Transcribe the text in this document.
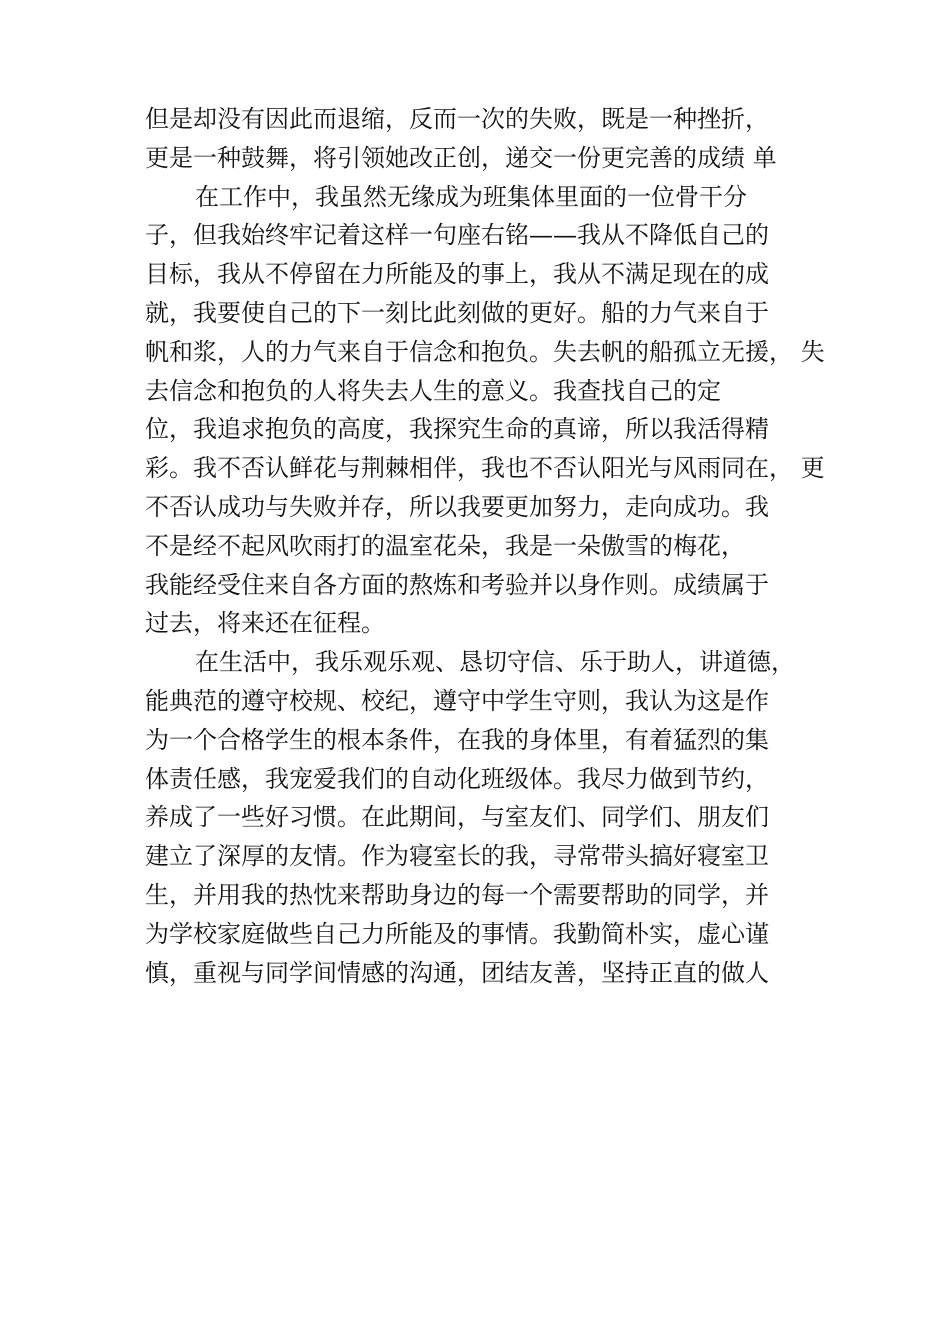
但是却没有因此而退缩，反而一次的失败，既是一种挫折，
更是一种鼓舞，将引领她改正创，递交一份更完善的成绩 单
在工作中，我虽然无缘成为班集体里面的一位骨干分
子，但我始终牢记着这样一句座右铭——我从不降低自己的
目标，我从不停留在力所能及的事上，我从不满足现在的成
就，我要使自己的下一刻比此刻做的更好。船的力气来自于
帆和浆，人的力气来自于信念和抱负。失去帆的船孤立无援， 失
去信念和抱负的人将失去人生的意义。我查找自己的定
位，我追求抱负的高度，我探究生命的真谛，所以我活得精
彩。我不否认鲜花与荆棘相伴，我也不否认阳光与风雨同在， 更
不否认成功与失败并存，所以我要更加努力，走向成功。我
不是经不起风吹雨打的温室花朵，我是一朵傲雪的梅花，
我能经受住来自各方面的熬炼和考验并以身作则。成绩属于
过去，将来还在征程。
在生活中，我乐观乐观、恳切守信、乐于助人，讲道德，
能典范的遵守校规、校纪，遵守中学生守则，我认为这是作
为一个合格学生的根本条件，在我的身体里，有着猛烈的集
体责任感，我宠爱我们的自动化班级体。我尽力做到节约，
养成了一些好习惯。在此期间，与室友们、同学们、朋友们
建立了深厚的友情。作为寝室长的我，寻常带头搞好寝室卫
生，并用我的热忱来帮助身边的每一个需要帮助的同学，并
为学校家庭做些自己力所能及的事情。我勤简朴实，虚心谨
慎，重视与同学间情感的沟通，团结友善，坚持正直的做人
